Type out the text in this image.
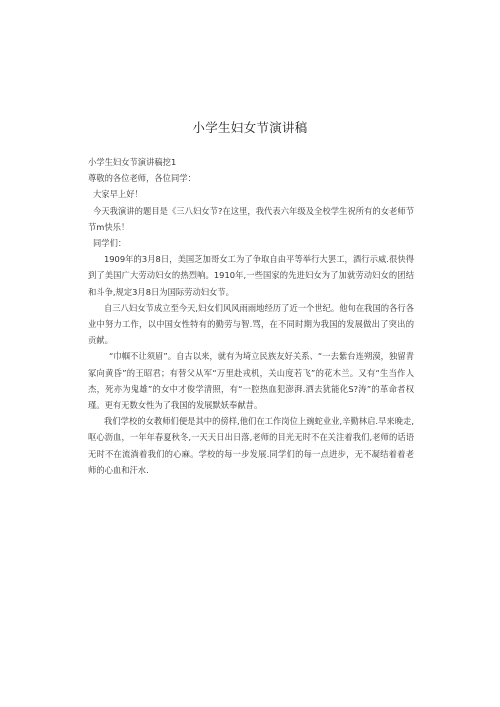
小学生妇女节演讲稿

小学生妇女节演讲稿挖1

尊敬的各位老师，各位同学：

大家早上好！

今天我演讲的题目是《三八妇女节?在这里，我代表六年级及全校学生祝所有的女老师节节m快乐！

同学们：

1909年的3月8日，美国芝加哥女工为了争取自由平等举行大罢工，酒行示威.很快得到了美国广大劳动妇女的热烈响。1910年,一些国家的先进妇女为了加就劳动妇女的团结和斗争,规定3月8日为国际劳动妇女节。

自三八妇女节成立至今天,妇女们风风雨雨地经历了近一个世纪。他旬在我国的各行各业中努力工作，以中国女性特有的勤劳与智.骂，在不同时期为我国的发展做出了突出的贡献。

“巾帼不让须眉”。自古以来，就有为埼立民族友好关系、“一去紫台连朔漠，独留青冢向黄昏”的王昭君；有替父从军“万里赴戎机，关山度若飞”的花木兰。又有“生当作人杰，死亦为鬼雄”的女中才俊学清照，有“一腔热血犯澎湃.洒去犹能化S?涛”的革命者权瑾。更有无数女性为了我国的发展默妖奉献昔。

我们学校的女教师们便是其中的傍样,他们在工作岗位上豌蛇业业,辛勤林启.早来晚走,呕心沥血，一年年春夏秋冬,一天天日出日落,老师的目光无时不在关注着我们,老师的话语无时不在流淌着我们的心麻。学校的每一步发展.同学们的每一点进步，无不凝结着着老师的心血和汗水.
